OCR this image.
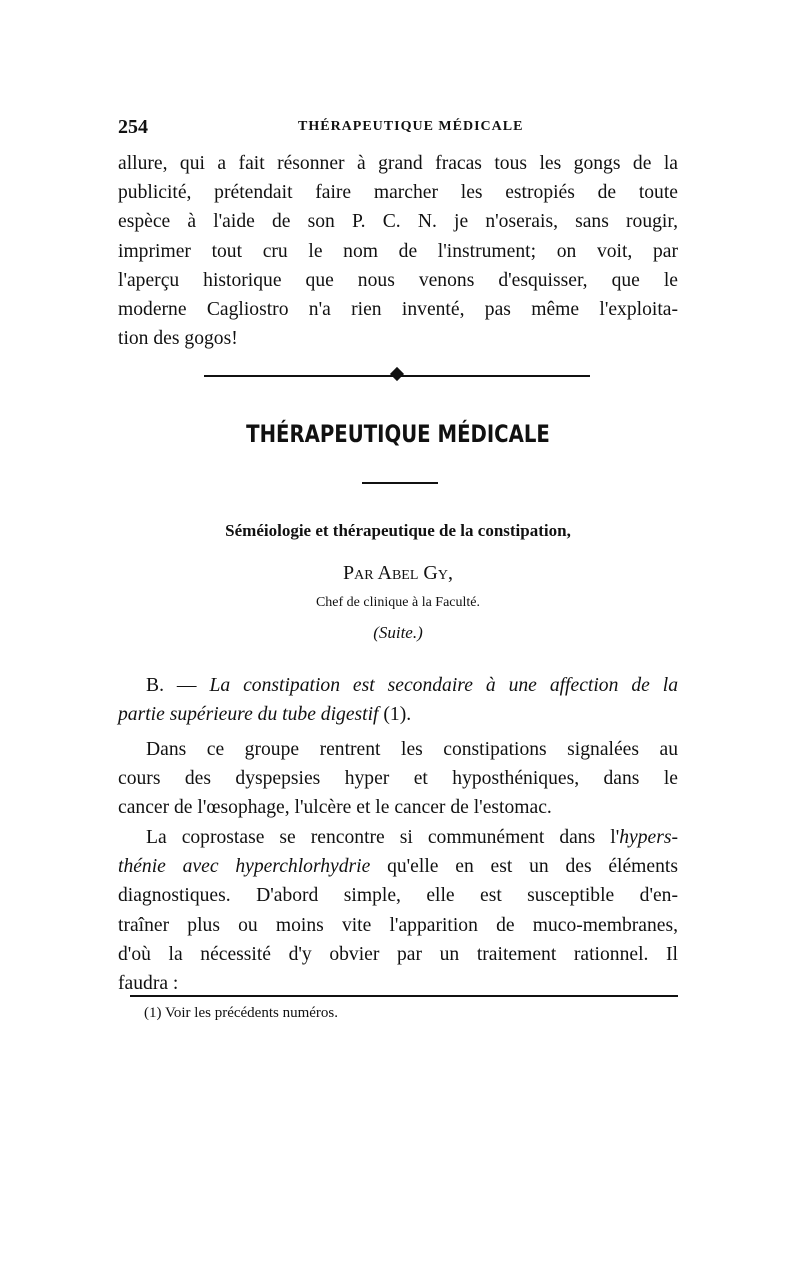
254	THÉRAPEUTIQUE MÉDICALE
allure, qui a fait résonner à grand fracas tous les gongs de la
publicité, prétendait faire marcher les estropiés de toute
espèce à l'aide de son P. C. N. je n'oserais, sans rougir,
imprimer tout cru le nom de l'instrument; on voit, par
l'aperçu historique que nous venons d'esquisser, que le
moderne Cagliostro n'a rien inventé, pas même l'exploita-
tion des gogos!
THÉRAPEUTIQUE MÉDICALE
Séméiologie et thérapeutique de la constipation,
Par Abel Gy,
Chef de clinique à la Faculté.
(Suite.)
B. — La constipation est secondaire à une affection de la
partie supérieure du tube digestif (1).
Dans ce groupe rentrent les constipations signalées au
cours des dyspepsies hyper et hyposthéniques, dans le
cancer de l'œsophage, l'ulcère et le cancer de l'estomac.
La coprostase se rencontre si communément dans l'hypers-
thénie avec hyperchlorhydrie qu'elle en est un des éléments
diagnostiques. D'abord simple, elle est susceptible d'en-
traîner plus ou moins vite l'apparition de muco-membranes,
d'où la nécessité d'y obvier par un traitement rationnel. Il
faudra :
(1) Voir les précédents numéros.
